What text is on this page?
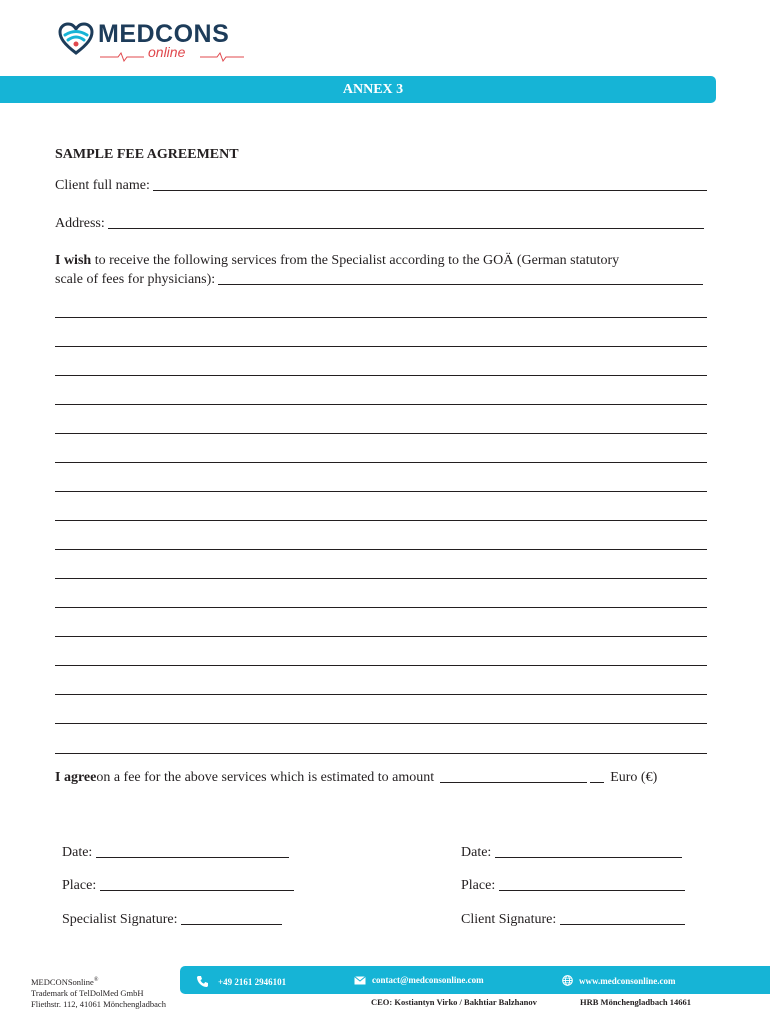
MEDCONS
online
ANNEX 3
SAMPLE FEE AGREEMENT
Client full name:
Address:
I wish to receive the following services from the Specialist according to the GOÄ (German statutory
scale of fees for physicians):
I agree on a fee for the above services which is estimated to amount	Euro (€)
Date:
Place:
Specialist Signature:
Date:
Place:
Client Signature:
MEDCONSonline®
Trademark of TelDolMed GmbH
Fliethstr. 112, 41061 Mönchengladbach
+49 2161 2946101	contact@medconsonline.com	www.medconsonline.com
CEO: Kostiantyn Virko / Bakhtiar Balzhanov	HRB Mönchengladbach 14661
